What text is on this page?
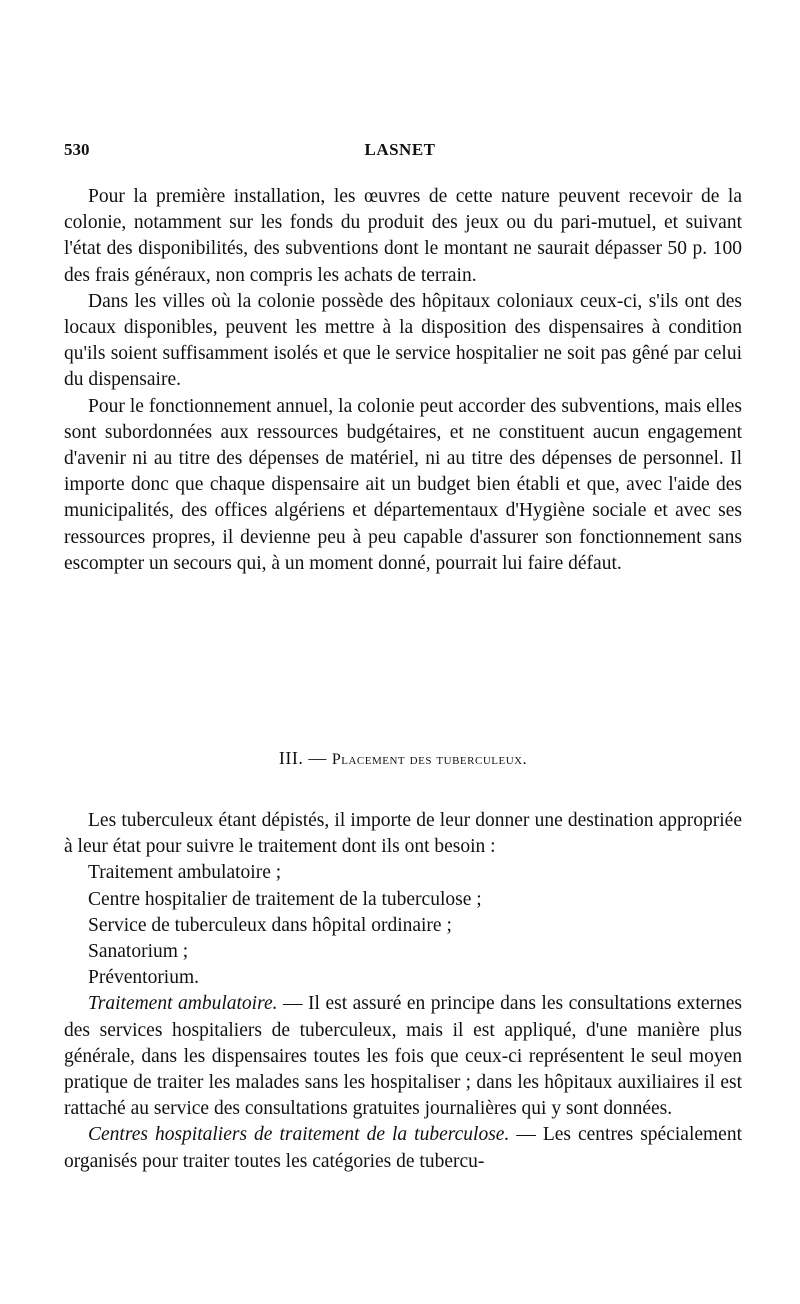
530	LASNET

Pour la première installation, les œuvres de cette nature peuvent recevoir de la colonie, notamment sur les fonds du produit des jeux ou du pari-mutuel, et suivant l'état des disponibilités, des subventions dont le montant ne saurait dépasser 50 p. 100 des frais généraux, non compris les achats de terrain.

Dans les villes où la colonie possède des hôpitaux coloniaux ceux-ci, s'ils ont des locaux disponibles, peuvent les mettre à la disposition des dispensaires à condition qu'ils soient suffisamment isolés et que le service hospitalier ne soit pas gêné par celui du dispensaire.

Pour le fonctionnement annuel, la colonie peut accorder des subventions, mais elles sont subordonnées aux ressources budgétaires, et ne constituent aucun engagement d'avenir ni au titre des dépenses de matériel, ni au titre des dépenses de personnel. Il importe donc que chaque dispensaire ait un budget bien établi et que, avec l'aide des municipalités, des offices algériens et départementaux d'Hygiène sociale et avec ses ressources propres, il devienne peu à peu capable d'assurer son fonctionnement sans escompter un secours qui, à un moment donné, pourrait lui faire défaut.

III. — Placement des tuberculeux.

Les tuberculeux étant dépistés, il importe de leur donner une destination appropriée à leur état pour suivre le traitement dont ils ont besoin :

Traitement ambulatoire ;
Centre hospitalier de traitement de la tuberculose ;
Service de tuberculeux dans hôpital ordinaire ;
Sanatorium ;
Préventorium.

Traitement ambulatoire. — Il est assuré en principe dans les consultations externes des services hospitaliers de tuberculeux, mais il est appliqué, d'une manière plus générale, dans les dispensaires toutes les fois que ceux-ci représentent le seul moyen pratique de traiter les malades sans les hospitaliser ; dans les hôpitaux auxiliaires il est rattaché au service des consultations gratuites journalières qui y sont données.

Centres hospitaliers de traitement de la tuberculose. — Les centres spécialement organisés pour traiter toutes les catégories de tubercu-
